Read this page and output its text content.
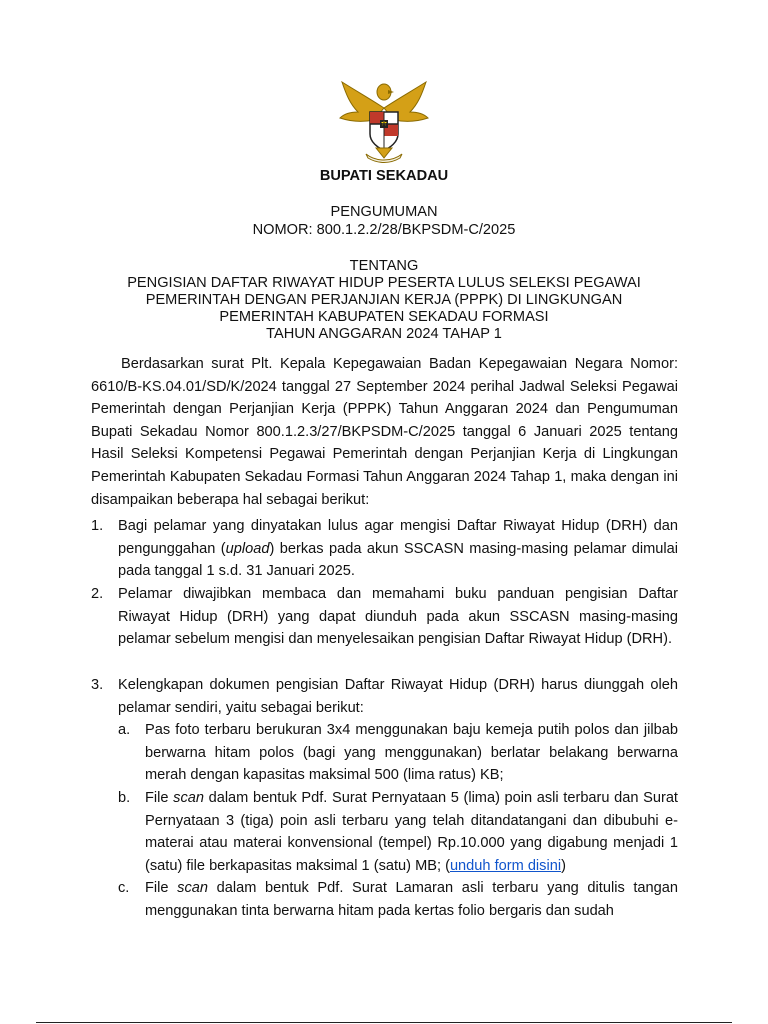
BUPATI SEKADAU
PENGUMUMAN
NOMOR: 800.1.2.2/28/BKPSDM-C/2025
TENTANG
PENGISIAN DAFTAR RIWAYAT HIDUP PESERTA LULUS SELEKSI PEGAWAI
PEMERINTAH DENGAN PERJANJIAN KERJA (PPPK) DI LINGKUNGAN
PEMERINTAH KABUPATEN SEKADAU FORMASI
TAHUN ANGGARAN 2024 TAHAP 1
Berdasarkan surat Plt. Kepala Kepegawaian Badan Kepegawaian Negara Nomor: 6610/B-KS.04.01/SD/K/2024 tanggal 27 September 2024 perihal Jadwal Seleksi Pegawai Pemerintah dengan Perjanjian Kerja (PPPK) Tahun Anggaran 2024 dan Pengumuman Bupati Sekadau Nomor 800.1.2.3/27/BKPSDM-C/2025 tanggal 6 Januari 2025 tentang Hasil Seleksi Kompetensi Pegawai Pemerintah dengan Perjanjian Kerja di Lingkungan Pemerintah Kabupaten Sekadau Formasi Tahun Anggaran 2024 Tahap 1, maka dengan ini disampaikan beberapa hal sebagai berikut:
1. Bagi pelamar yang dinyatakan lulus agar mengisi Daftar Riwayat Hidup (DRH) dan pengunggahan (upload) berkas pada akun SSCASN masing-masing pelamar dimulai pada tanggal 1 s.d. 31 Januari 2025.
2. Pelamar diwajibkan membaca dan memahami buku panduan pengisian Daftar Riwayat Hidup (DRH) yang dapat diunduh pada akun SSCASN masing-masing pelamar sebelum mengisi dan menyelesaikan pengisian Daftar Riwayat Hidup (DRH).
3. Kelengkapan dokumen pengisian Daftar Riwayat Hidup (DRH) harus diunggah oleh pelamar sendiri, yaitu sebagai berikut:
a. Pas foto terbaru berukuran 3x4 menggunakan baju kemeja putih polos dan jilbab berwarna hitam polos (bagi yang menggunakan) berlatar belakang berwarna merah dengan kapasitas maksimal 500 (lima ratus) KB;
b. File scan dalam bentuk Pdf. Surat Pernyataan 5 (lima) poin asli terbaru dan Surat Pernyataan 3 (tiga) poin asli terbaru yang telah ditandatangani dan dibubuhi e-materai atau materai konvensional (tempel) Rp.10.000 yang digabung menjadi 1 (satu) file berkapasitas maksimal 1 (satu) MB; (unduh form disini)
c. File scan dalam bentuk Pdf. Surat Lamaran asli terbaru yang ditulis tangan menggunakan tinta berwarna hitam pada kertas folio bergaris dan sudah
